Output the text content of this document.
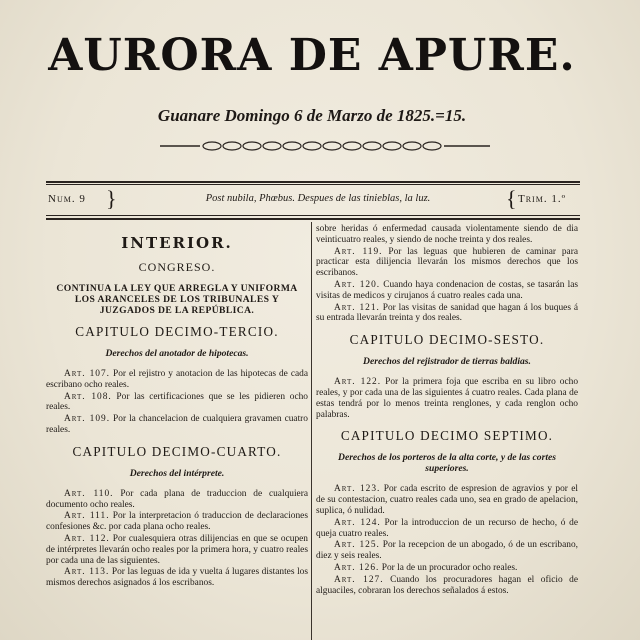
AURORA DE APURE.
Guanare Domingo 6 de Marzo de 1825.=15.
Num. 9 }	Post nubila, Phœbus. Despues de las tinieblas, la luz.	{ Trim. 1.º
INTERIOR.
CONGRESO.
CONTINUA LA LEY QUE ARREGLA Y UNIFORMA LOS ARANCELES DE LOS TRIBUNALES Y JUZGADOS DE LA REPÚBLICA.
CAPITULO DECIMO-TERCIO.
Derechos del anotador de hipotecas.

Art. 107. Por el rejistro y anotacion de las hipotecas de cada escribano ocho reales.

Art. 108. Por las certificaciones que se les pidieren ocho reales.

Art. 109. Por la chancelacion de cualquiera gravamen cuatro reales.

CAPITULO DECIMO-CUARTO.
Derechos del intérprete.

Art. 110. Por cada plana de traduccion de cualquiera documento ocho reales.

Art. 111. Por la interpretacion ó traduccion de declaraciones confesiones &c. por cada plana ocho reales.

Art. 112. Por cualesquiera otras dilijencias en que se ocupen de intérpretes llevarán ocho reales por la primera hora, y cuatro reales por cada una de las siguientes.

Art. 113. Por las leguas de ida y vuelta á lugares distantes los mismos derechos asignados á los escribanos.

sobre heridas ó enfermedad causada violentamente siendo de dia veinticuatro reales, y siendo de noche treinta y dos reales.

Art. 119. Por las leguas que hubieren de caminar para practicar esta dilijencia llevarán los mismos derechos que los escribanos.

Art. 120. Cuando haya condenacion de costas, se tasarán las visitas de medicos y cirujanos á cuatro reales cada una.

Art. 121. Por las visitas de sanidad que hagan á los buques á su entrada llevarán treinta y dos reales.

CAPITULO DECIMO-SESTO.
Derechos del rejistrador de tierras baldias.

Art. 122. Por la primera foja que escriba en su libro ocho reales, y por cada una de las siguientes á cuatro reales. Cada plana de estas tendrá por lo menos treinta renglones, y cada renglon ocho palabras.

CAPITULO DECIMO SEPTIMO.
Derechos de los porteros de la alta corte, y de las cortes superiores.

Art. 123. Por cada escrito de espresion de agravios y por el de su contestacion, cuatro reales cada uno, sea en grado de apelacion, suplica, ó nulidad.

Art. 124. Por la introduccion de un recurso de hecho, ó de queja cuatro reales.

Art. 125. Por la recepcion de un abogado, ó de un escribano, diez y seis reales.

Art. 126. Por la de un procurador ocho reales.

Art. 127. Cuando los procuradores hagan el oficio de alguaciles, cobraran los derechos señalados á estos.
